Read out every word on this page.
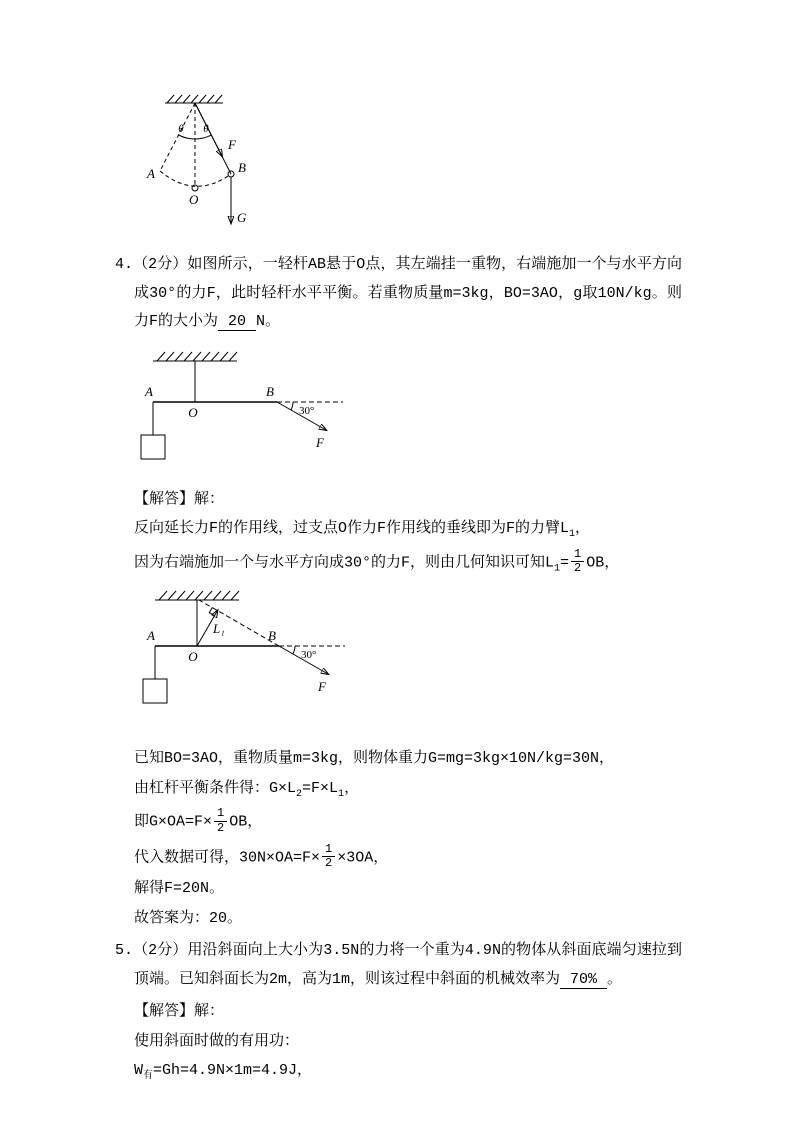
θ θ
F
A	B
O
G

4.（2分）如图所示，一轻杆AB悬于O点，其左端挂一重物，右端施加一个与水平方向成30°的力F，此时轻杆水平平衡。若重物质量m=3kg，BO=3AO，g取10N/kg。则力F的大小为 20 N。

A
O
B
30°
F

【解答】解：

反向延长力F的作用线，过支点O作力F作用线的垂线即为F的力臂$L_1$，

因为右端施加一个与水平方向成30°的力F，则由几何知识可知$L_1= \frac{1}{2}$ OB，

A
O
B
L₁
30°
F

已知BO=3AO，重物质量m=3kg，则物体重力G=mg=3kg×10N/kg=30N，

由杠杆平衡条件得：$G\times L_2=F\times L_1$，

即$G\times OA=F\times \frac{1}{2}$ OB，

代入数据可得，$30N\times OA=F\times \frac{1}{2} \times 3OA$，

解得F=20N。

故答案为：20。

5.（2分）用沿斜面向上大小为3.5N的力将一个重为4.9N的物体从斜面底端匀速拉到顶端。已知斜面长为2m，高为1m，则该过程中斜面的机械效率为 70% 。

【解答】解：

使用斜面时做的有用功：

$W_有=Gh=4.9N\times 1m=4.9J$，
